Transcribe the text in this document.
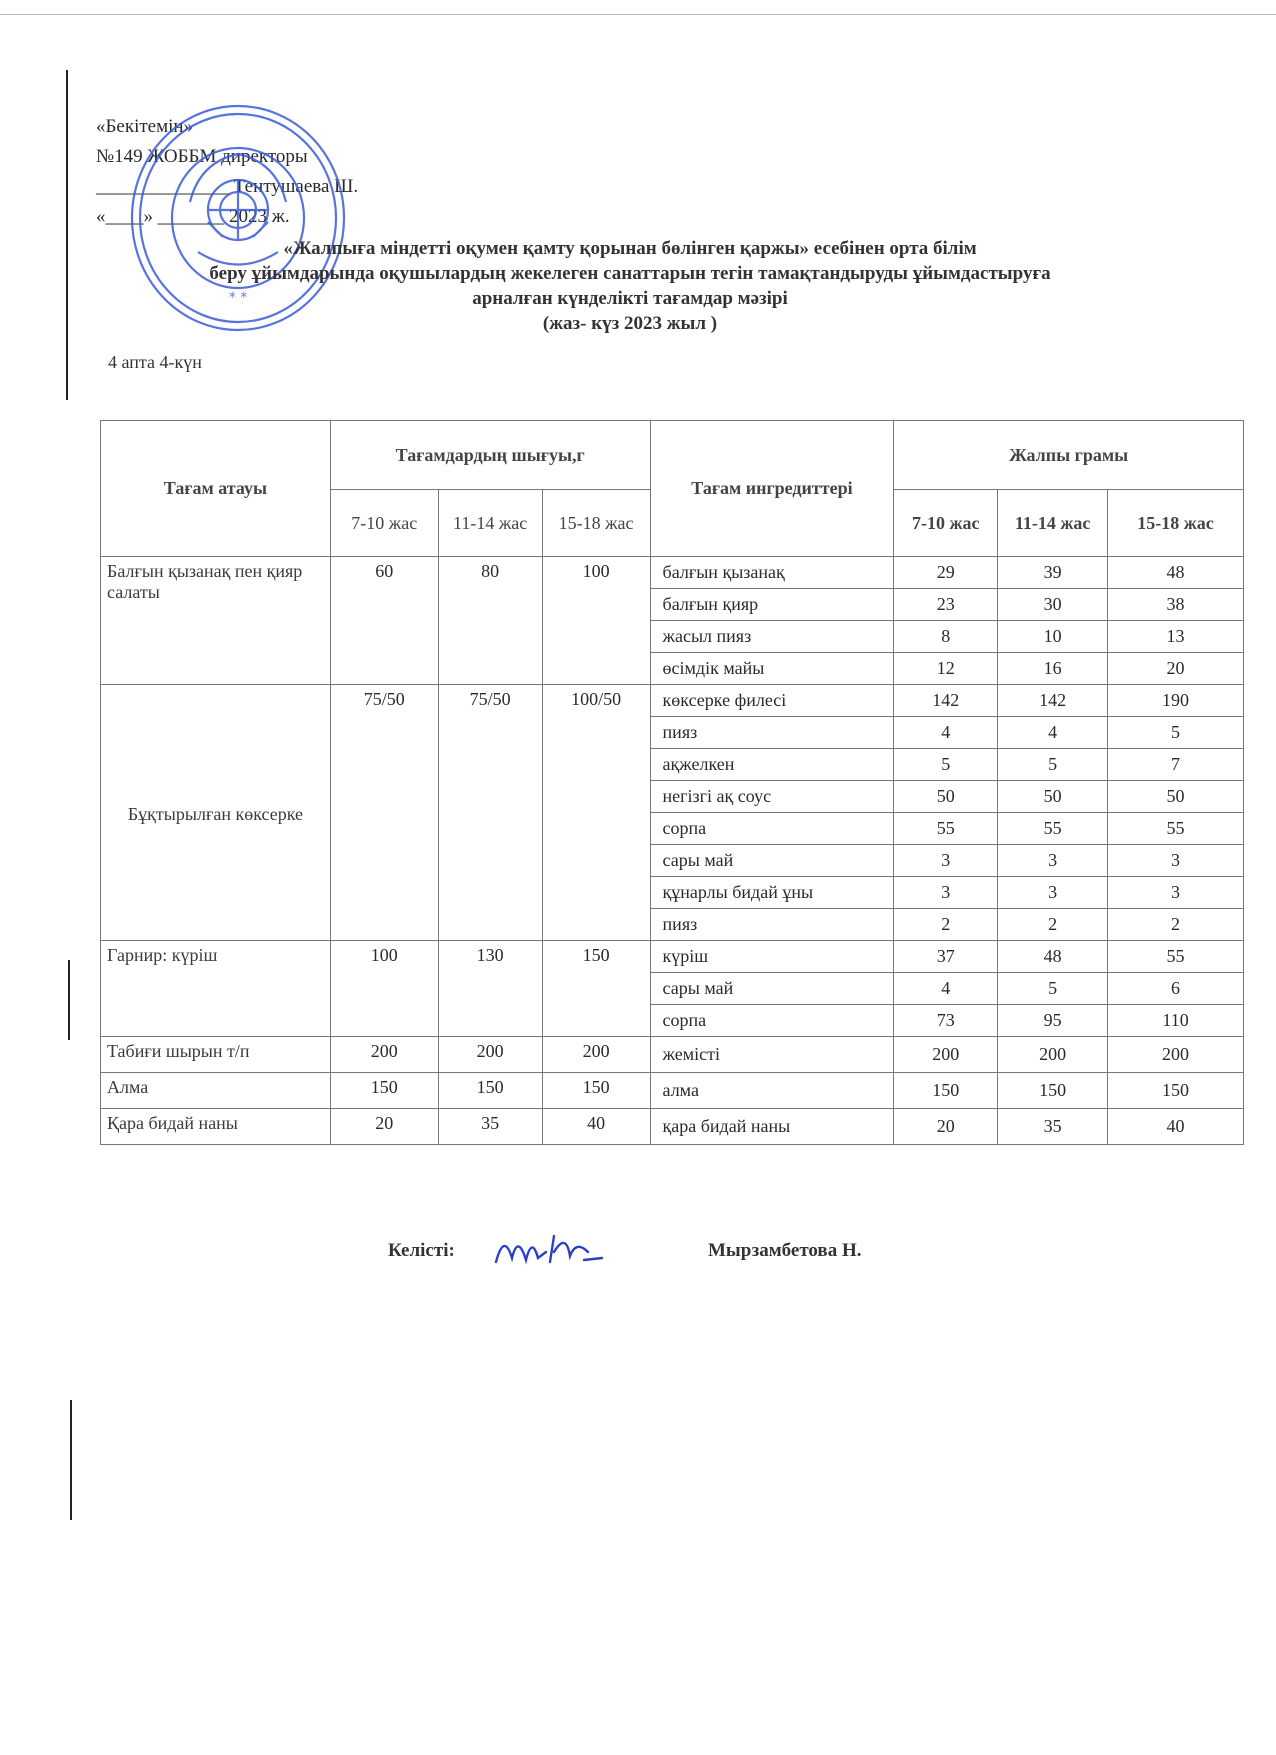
«Бекітемін»
№149 ЖОББМ директоры
______________ Тентушаева Ш.
«____» _______ 2023 ж.
* *
«Жалпыға міндетті оқумен қамту қорынан бөлінген қаржы» есебінен орта білім
беру ұйымдарында оқушылардың жекелеген санаттарын тегін тамақтандыруды ұйымдастыруға
арналған күнделікті тағамдар мәзірі
(жаз- күз 2023 жыл )
4 апта 4-күн
Тағам атауы	Тағамдардың шығуы,г			Тағам ингредиттері	Жалпы грамы		
	7-10 жас	11-14 жас	15-18 жас		7-10 жас	11-14 жас	15-18 жас
Балғын қызанақ пен қияр салаты	60	80	100	балғын қызанақ	29	39	48
				балғын қияр	23	30	38
				жасыл пияз	8	10	13
				өсімдік майы	12	16	20
Бұқтырылған көксерке	75/50	75/50	100/50	көксерке филесі	142	142	190
				пияз	4	4	5
				ақжелкен	5	5	7
				негізгі ақ соус	50	50	50
				сорпа	55	55	55
				сары май	3	3	3
				құнарлы бидай ұны	3	3	3
				пияз	2	2	2
Гарнир: күріш	100	130	150	күріш	37	48	55
				сары май	4	5	6
				сорпа	73	95	110
Табиғи шырын т/п	200	200	200	жемісті	200	200	200
Алма	150	150	150	алма	150	150	150
Қара бидай наны	20	35	40	қара бидай наны	20	35	40
Келісті:	Мырзамбетова Н.
